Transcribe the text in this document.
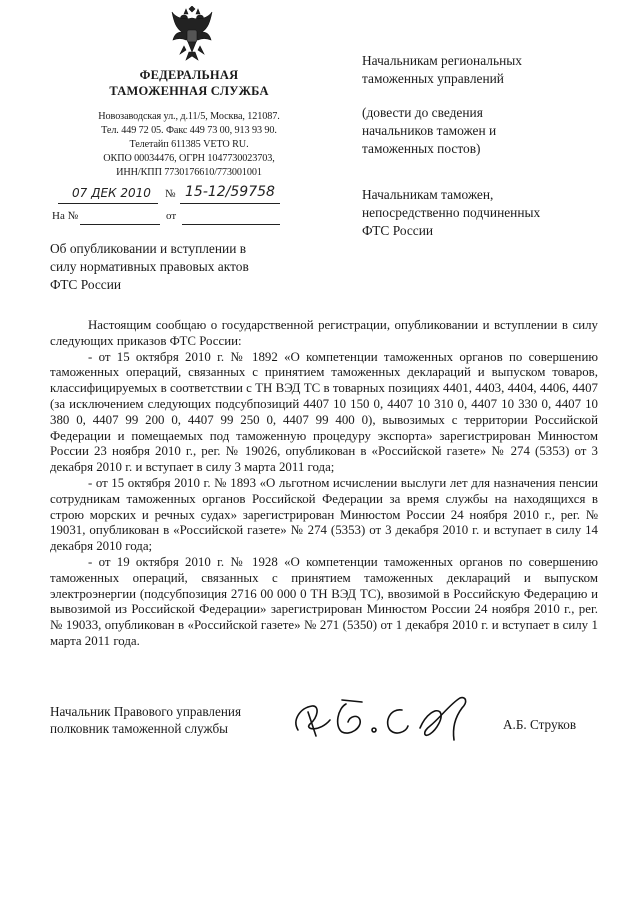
ФЕДЕРАЛЬНАЯ
ТАМОЖЕННАЯ СЛУЖБА
Новозаводская ул., д.11/5, Москва, 121087.
Тел. 449 72 05. Факс 449 73 00, 913 93 90.
Телетайп 611385 VETO RU.
ОКПО 00034476, ОГРН 1047730023703,
ИНН/КПП 7730176610/773001001
07 ДЕК 2010 № 15-12/59758
На №	от
Начальникам региональных
таможенных управлений
(довести до сведения
начальников таможен и
таможенных постов)
Начальникам таможен,
непосредственно подчиненных
ФТС России
Об опубликовании и вступлении в
силу нормативных правовых актов
ФТС России

Настоящим сообщаю о государственной регистрации, опубликовании и вступлении в силу следующих приказов ФТС России:

- от 15 октября 2010 г. № 1892 «О компетенции таможенных органов по совершению таможенных операций, связанных с принятием таможенных деклараций и выпуском товаров, классифицируемых в соответствии с ТН ВЭД ТС в товарных позициях 4401, 4403, 4404, 4406, 4407 (за исключением следующих подсубпозиций 4407 10 150 0, 4407 10 310 0, 4407 10 330 0, 4407 10 380 0, 4407 99 200 0, 4407 99 250 0, 4407 99 400 0), вывозимых с территории Российской Федерации и помещаемых под таможенную процедуру экспорта» зарегистрирован Минюстом России 23 ноября 2010 г., рег. № 19026, опубликован в «Российской газете» № 274 (5353) от 3 декабря 2010 г. и вступает в силу 3 марта 2011 года;

- от 15 октября 2010 г. № 1893 «О льготном исчислении выслуги лет для назначения пенсии сотрудникам таможенных органов Российской Федерации за время службы на находящихся в строю морских и речных судах» зарегистрирован Минюстом России 24 ноября 2010 г., рег. № 19031, опубликован в «Российской газете» № 274 (5353) от 3 декабря 2010 г. и вступает в силу 14 декабря 2010 года;

- от 19 октября 2010 г. № 1928 «О компетенции таможенных органов по совершению таможенных операций, связанных с принятием таможенных деклараций и выпуском электроэнергии (подсубпозиция 2716 00 000 0 ТН ВЭД ТС), ввозимой в Российскую Федерацию и вывозимой из Российской Федерации» зарегистрирован Минюстом России 24 ноября 2010 г., рег. № 19033, опубликован в «Российской газете» № 271 (5350) от 1 декабря 2010 г. и вступает в силу 1 марта 2011 года.

Начальник Правового управления
полковник таможенной службы	А.Б. Струков
